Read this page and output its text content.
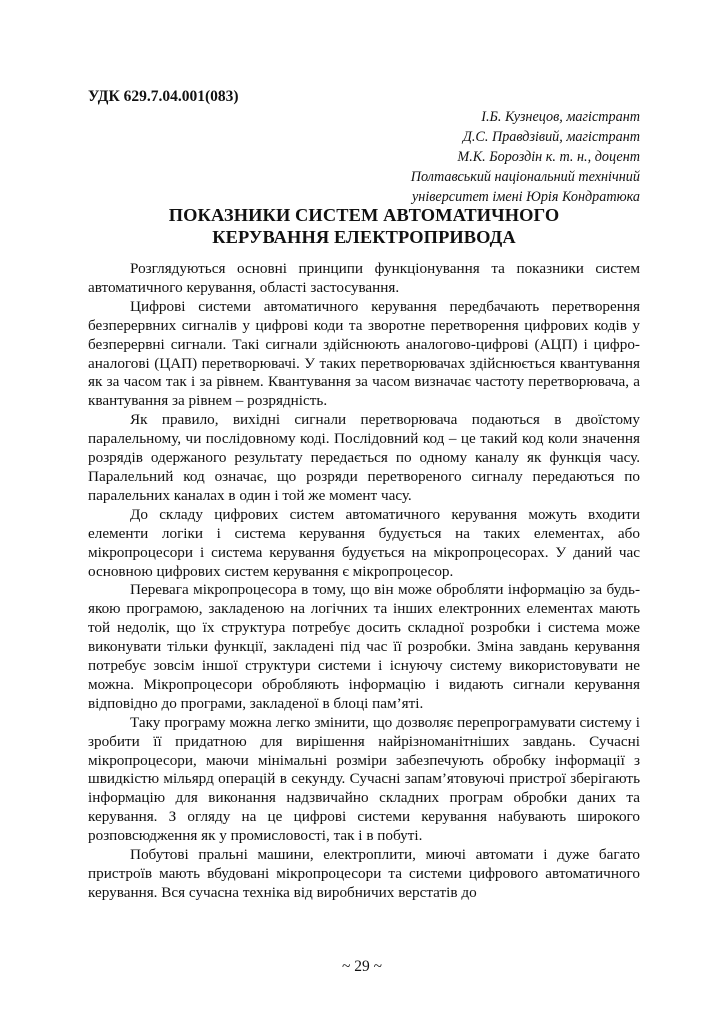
УДК 629.7.04.001(083)
І.Б. Кузнецов, магістрант
Д.С. Правдзівий, магістрант
М.К. Бороздін к. т. н., доцент
Полтавський національний технічний
університет імені Юрія Кондратюка
ПОКАЗНИКИ СИСТЕМ АВТОМАТИЧНОГО
КЕРУВАННЯ ЕЛЕКТРОПРИВОДА

Розглядуються основні принципи функціонування та показники систем автоматичного керування, області застосування.

Цифрові системи автоматичного керування передбачають перетворення безперервних сигналів у цифрові коди та зворотне перетворення цифрових кодів у безперервні сигнали. Такі сигнали здійснюють аналогово-цифрові (АЦП) і цифро-аналогові (ЦАП) перетворювачі. У таких перетворювачах здійснюється квантування як за часом так і за рівнем. Квантування за часом визначає частоту перетворювача, а квантування за рівнем – розрядність.

Як правило, вихідні сигнали перетворювача подаються в двоїстому паралельному, чи послідовному коді. Послідовний код – це такий код коли значення розрядів одержаного результату передається по одному каналу як функція часу. Паралельний код означає, що розряди перетвореного сигналу передаються по паралельних каналах в один і той же момент часу.

До складу цифрових систем автоматичного керування можуть входити елементи логіки і система керування будується на таких елементах, або мікропроцесори і система керування будується на мікропроцесорах. У даний час основною цифрових систем керування є мікропроцесор.

Перевага мікропроцесора в тому, що він може обробляти інформацію за будь-якою програмою, закладеною на логічних та інших електронних елементах мають той недолік, що їх структура потребує досить складної розробки і система може виконувати тільки функції, закладені під час її розробки. Зміна завдань керування потребує зовсім іншої структури системи і існуючу систему використовувати не можна. Мікропроцесори обробляють інформацію і видають сигнали керування відповідно до програми, закладеної в блоці пам’яті.

Таку програму можна легко змінити, що дозволяє перепрограмувати систему і зробити її придатною для вирішення найрізноманітніших завдань. Сучасні мікропроцесори, маючи мінімальні розміри забезпечують обробку інформації з швидкістю мільярд операцій в секунду. Сучасні запам’ятовуючі пристрої зберігають інформацію для виконання надзвичайно складних програм обробки даних та керування. З огляду на це цифрові системи керування набувають широкого розповсюдження як у промисловості, так і в побуті.

Побутові пральні машини, електроплити, миючі автомати і дуже багато пристроїв мають вбудовані мікропроцесори та системи цифрового автоматичного керування. Вся сучасна техніка від виробничих верстатів до

~ 29 ~
